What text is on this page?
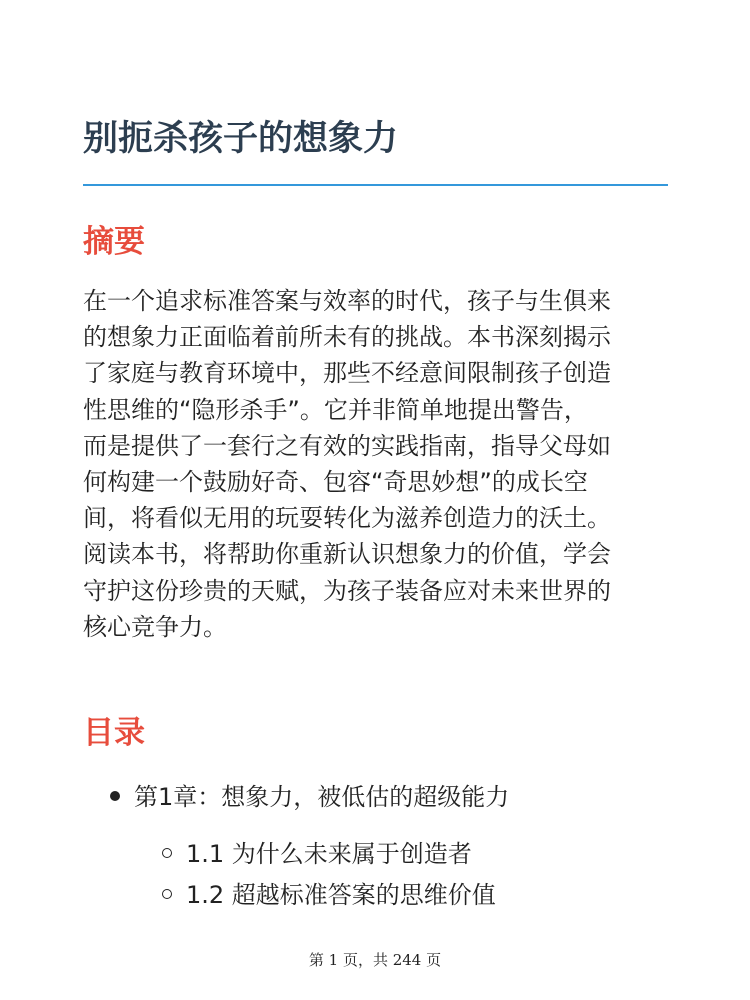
别扼杀孩子的想象力
摘要

在一个追求标准答案与效率的时代，孩子与生俱来
的想象力正面临着前所未有的挑战。本书深刻揭示
了家庭与教育环境中，那些不经意间限制孩子创造
性思维的“隐形杀手”。它并非简单地提出警告，
而是提供了一套行之有效的实践指南，指导父母如
何构建一个鼓励好奇、包容“奇思妙想”的成长空
间，将看似无用的玩耍转化为滋养创造力的沃土。
阅读本书，将帮助你重新认识想象力的价值，学会
守护这份珍贵的天赋，为孩子装备应对未来世界的
核心竞争力。

目录
第1章：想象力，被低估的超级能力
1.1 为什么未来属于创造者
1.2 超越标准答案的思维价值
第 1 页，共 244 页
